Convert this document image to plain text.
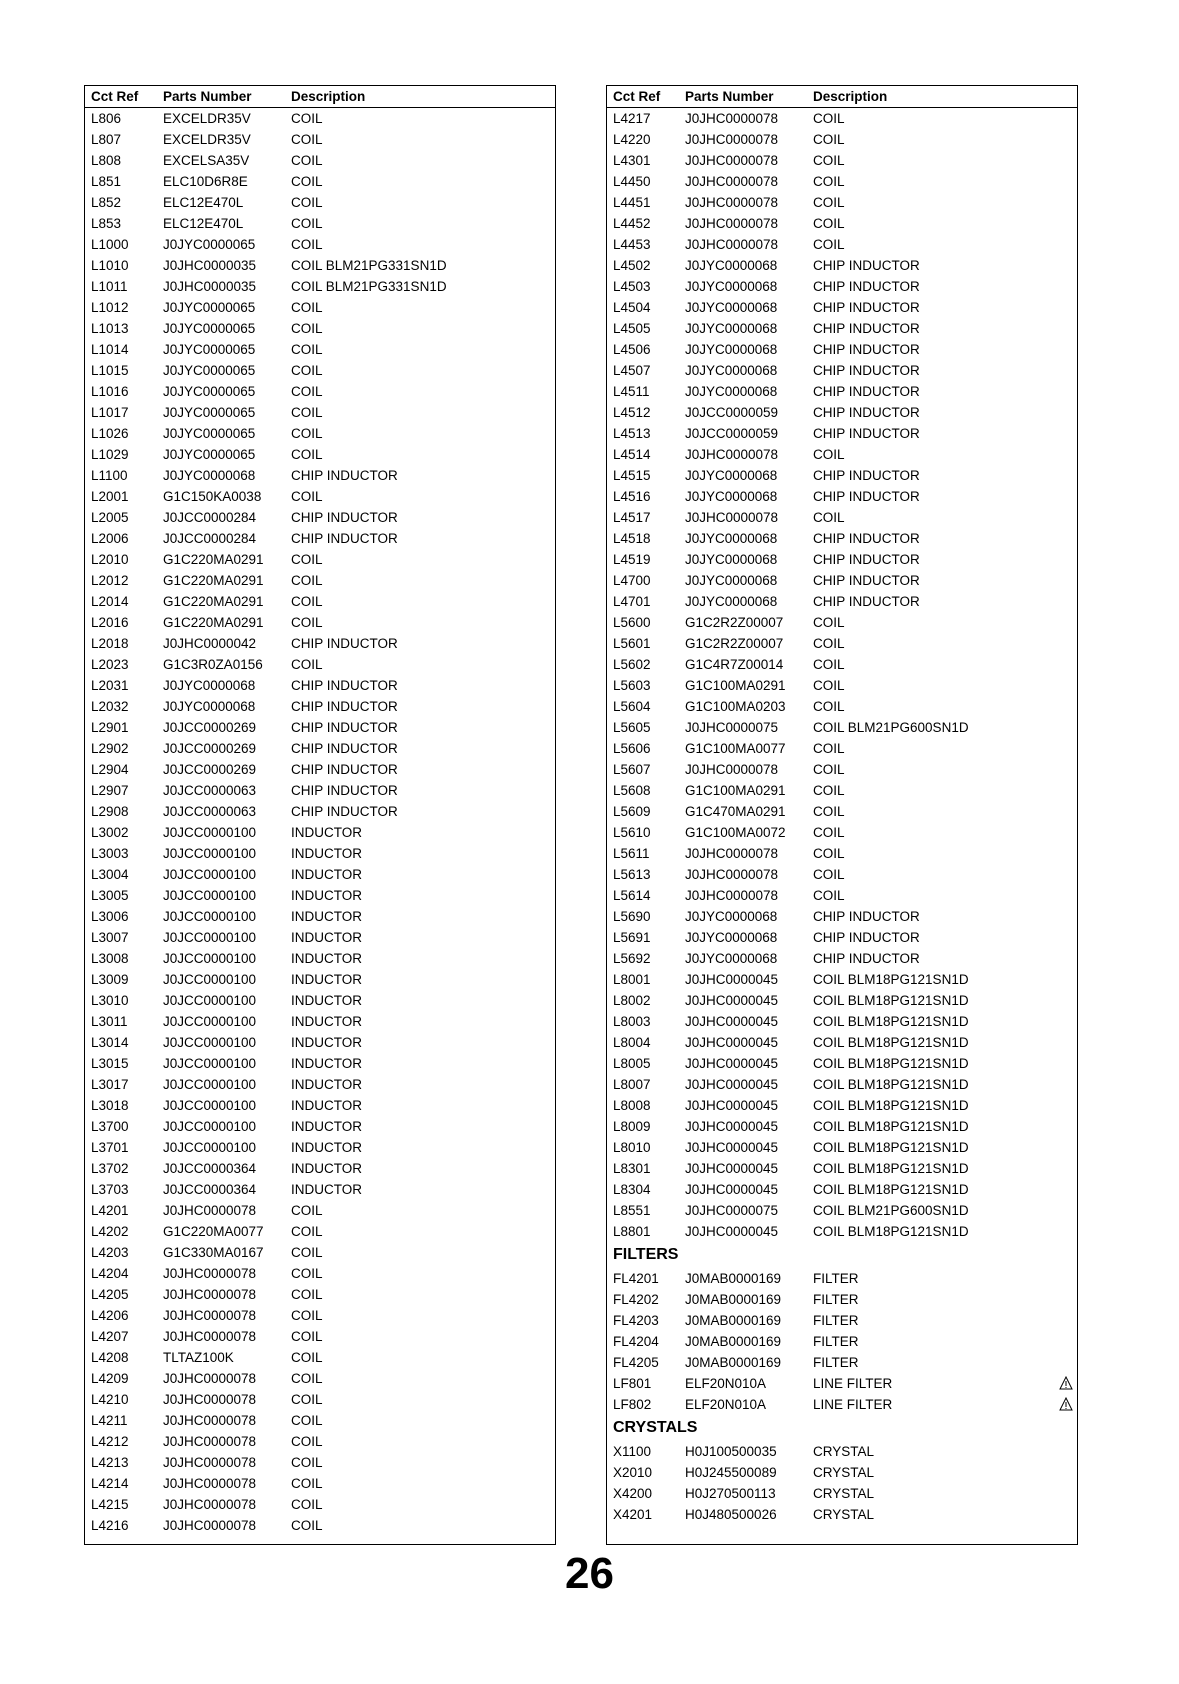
Cct Ref Parts Number	Description
L806	EXCELDR35V	COIL
L807	EXCELDR35V	COIL
L808	EXCELSA35V	COIL
L851	ELC10D6R8E	COIL
L852	ELC12E470L	COIL
L853	ELC12E470L	COIL
L1000	J0JYC0000065	COIL
L1010	J0JHC0000035	COIL BLM21PG331SN1D
L1011	J0JHC0000035	COIL BLM21PG331SN1D
L1012	J0JYC0000065	COIL
L1013	J0JYC0000065	COIL
L1014	J0JYC0000065	COIL
L1015	J0JYC0000065	COIL
L1016	J0JYC0000065	COIL
L1017	J0JYC0000065	COIL
L1026	J0JYC0000065	COIL
L1029	J0JYC0000065	COIL
L1100	J0JYC0000068	CHIP INDUCTOR
L2001	G1C150KA0038 COIL
L2005	J0JCC0000284	CHIP INDUCTOR
L2006	J0JCC0000284	CHIP INDUCTOR
L2010	G1C220MA0291 COIL
L2012	G1C220MA0291 COIL
L2014	G1C220MA0291 COIL
L2016	G1C220MA0291 COIL
L2018	J0JHC0000042	CHIP INDUCTOR
L2023	G1C3R0ZA0156 COIL
L2031	J0JYC0000068	CHIP INDUCTOR
L2032	J0JYC0000068	CHIP INDUCTOR
L2901	J0JCC0000269	CHIP INDUCTOR
L2902	J0JCC0000269	CHIP INDUCTOR
L2904	J0JCC0000269	CHIP INDUCTOR
L2907	J0JCC0000063	CHIP INDUCTOR
L2908	J0JCC0000063	CHIP INDUCTOR
L3002	J0JCC0000100	INDUCTOR
L3003	J0JCC0000100	INDUCTOR
L3004	J0JCC0000100	INDUCTOR
L3005	J0JCC0000100	INDUCTOR
L3006	J0JCC0000100	INDUCTOR
L3007	J0JCC0000100	INDUCTOR
L3008	J0JCC0000100	INDUCTOR
L3009	J0JCC0000100	INDUCTOR
L3010	J0JCC0000100	INDUCTOR
L3011	J0JCC0000100	INDUCTOR
L3014	J0JCC0000100	INDUCTOR
L3015	J0JCC0000100	INDUCTOR
L3017	J0JCC0000100	INDUCTOR
L3018	J0JCC0000100	INDUCTOR
L3700	J0JCC0000100	INDUCTOR
L3701	J0JCC0000100	INDUCTOR
L3702	J0JCC0000364	INDUCTOR
L3703	J0JCC0000364	INDUCTOR
L4201	J0JHC0000078	COIL
L4202	G1C220MA0077 COIL
L4203	G1C330MA0167 COIL
L4204	J0JHC0000078	COIL
L4205	J0JHC0000078	COIL
L4206	J0JHC0000078	COIL
L4207	J0JHC0000078	COIL
L4208	TLTAZ100K	COIL
L4209	J0JHC0000078	COIL
L4210	J0JHC0000078	COIL
L4211	J0JHC0000078	COIL
L4212	J0JHC0000078	COIL
L4213	J0JHC0000078	COIL
L4214	J0JHC0000078	COIL
L4215	J0JHC0000078	COIL
L4216	J0JHC0000078	COIL
Cct Ref Parts Number	Description
L4217	J0JHC0000078	COIL
L4220	J0JHC0000078	COIL
L4301	J0JHC0000078	COIL
L4450	J0JHC0000078	COIL
L4451	J0JHC0000078	COIL
L4452	J0JHC0000078	COIL
L4453	J0JHC0000078	COIL
L4502	J0JYC0000068	CHIP INDUCTOR
L4503	J0JYC0000068	CHIP INDUCTOR
L4504	J0JYC0000068	CHIP INDUCTOR
L4505	J0JYC0000068	CHIP INDUCTOR
L4506	J0JYC0000068	CHIP INDUCTOR
L4507	J0JYC0000068	CHIP INDUCTOR
L4511	J0JYC0000068	CHIP INDUCTOR
L4512	J0JCC0000059	CHIP INDUCTOR
L4513	J0JCC0000059	CHIP INDUCTOR
L4514	J0JHC0000078	COIL
L4515	J0JYC0000068	CHIP INDUCTOR
L4516	J0JYC0000068	CHIP INDUCTOR
L4517	J0JHC0000078	COIL
L4518	J0JYC0000068	CHIP INDUCTOR
L4519	J0JYC0000068	CHIP INDUCTOR
L4700	J0JYC0000068	CHIP INDUCTOR
L4701	J0JYC0000068	CHIP INDUCTOR
L5600	G1C2R2Z00007 COIL
L5601	G1C2R2Z00007 COIL
L5602	G1C4R7Z00014 COIL
L5603	G1C100MA0291 COIL
L5604	G1C100MA0203 COIL
L5605	J0JHC0000075	COIL BLM21PG600SN1D
L5606	G1C100MA0077 COIL
L5607	J0JHC0000078	COIL
L5608	G1C100MA0291 COIL
L5609	G1C470MA0291 COIL
L5610	G1C100MA0072 COIL
L5611	J0JHC0000078	COIL
L5613	J0JHC0000078	COIL
L5614	J0JHC0000078	COIL
L5690	J0JYC0000068	CHIP INDUCTOR
L5691	J0JYC0000068	CHIP INDUCTOR
L5692	J0JYC0000068	CHIP INDUCTOR
L8001	J0JHC0000045	COIL BLM18PG121SN1D
L8002	J0JHC0000045	COIL BLM18PG121SN1D
L8003	J0JHC0000045	COIL BLM18PG121SN1D
L8004	J0JHC0000045	COIL BLM18PG121SN1D
L8005	J0JHC0000045	COIL BLM18PG121SN1D
L8007	J0JHC0000045	COIL BLM18PG121SN1D
L8008	J0JHC0000045	COIL BLM18PG121SN1D
L8009	J0JHC0000045	COIL BLM18PG121SN1D
L8010	J0JHC0000045	COIL BLM18PG121SN1D
L8301	J0JHC0000045	COIL BLM18PG121SN1D
L8304	J0JHC0000045	COIL BLM18PG121SN1D
L8551	J0JHC0000075	COIL BLM21PG600SN1D
L8801	J0JHC0000045	COIL BLM18PG121SN1D
FILTERS
FL4201 J0MAB0000169 FILTER
FL4202 J0MAB0000169 FILTER
FL4203 J0MAB0000169 FILTER
FL4204 J0MAB0000169 FILTER
FL4205 J0MAB0000169 FILTER
LF801 ELF20N010A	LINE FILTER
LF802 ELF20N010A	LINE FILTER
CRYSTALS
X1100	H0J100500035	CRYSTAL
X2010 H0J245500089	CRYSTAL
X4200 H0J270500113	CRYSTAL
X4201 H0J480500026	CRYSTAL
26
